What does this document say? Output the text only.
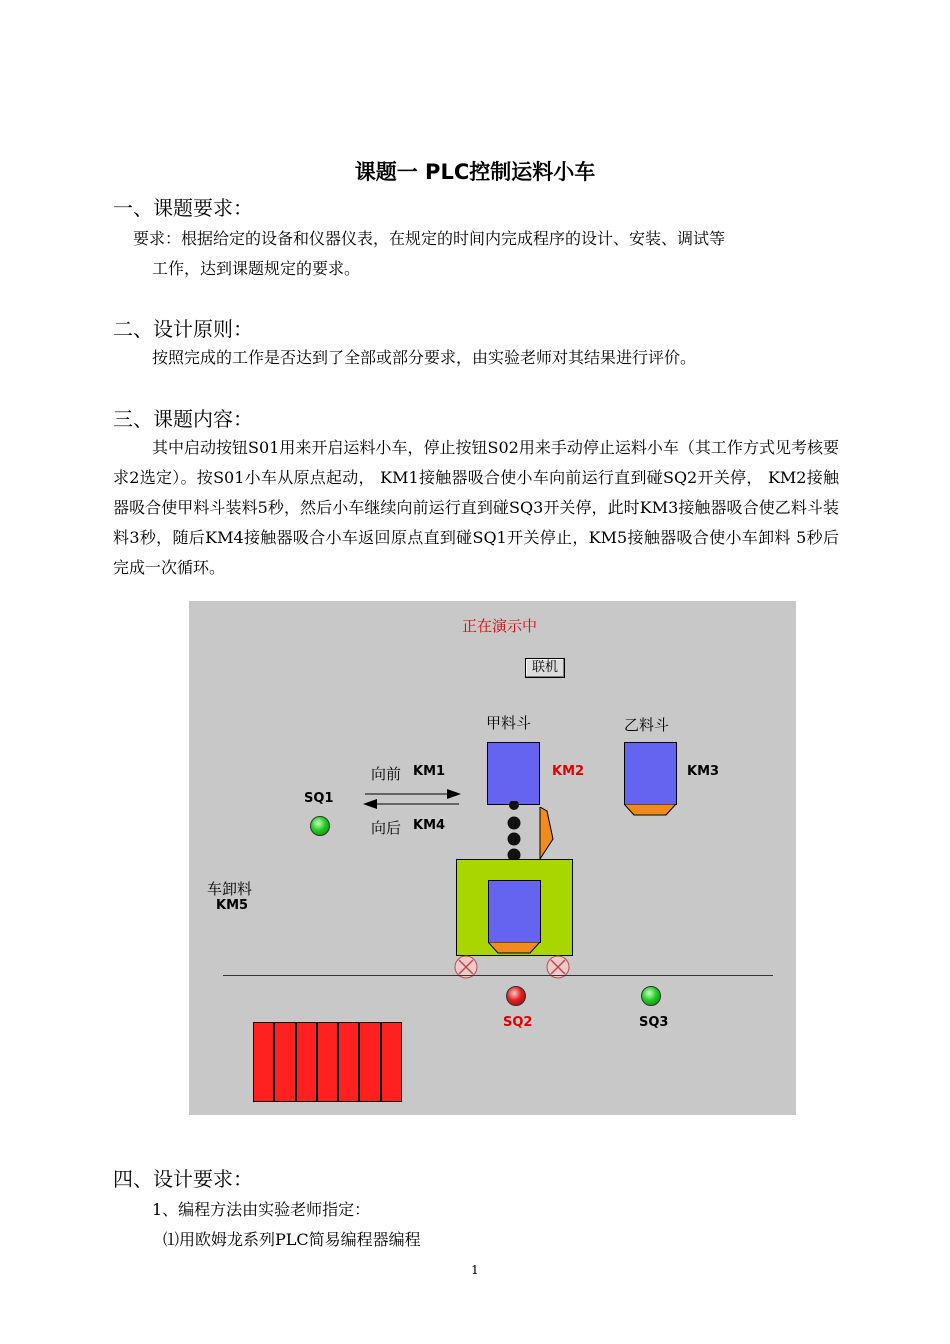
课题一 PLC控制运料小车
一、课题要求：
要求：根据给定的设备和仪器仪表，在规定的时间内完成程序的设计、安装、调试等
工作，达到课题规定的要求。
二、设计原则：
按照完成的工作是否达到了全部或部分要求，由实验老师对其结果进行评价。
三、课题内容：
其中启动按钮S01用来开启运料小车，停止按钮S02用来手动停止运料小车（其工作方式见考核要求2选定）。按S01小车从原点起动， KM1接触器吸合使小车向前运行直到碰SQ2开关停， KM2接触器吸合使甲料斗装料5秒，然后小车继续向前运行直到碰SQ3开关停，此时KM3接触器吸合使乙料斗装料3秒，随后KM4接触器吸合小车返回原点直到碰SQ1开关停止，KM5接触器吸合使小车卸料 5秒后完成一次循环。
正在演示中
联机
甲料斗	乙料斗
KM2	KM3
向前 KM1
向后 KM4
SQ1
车卸料
KM5
SQ2	SQ3
四、设计要求：
1、编程方法由实验老师指定：
⑴用欧姆龙系列PLC简易编程器编程
1
